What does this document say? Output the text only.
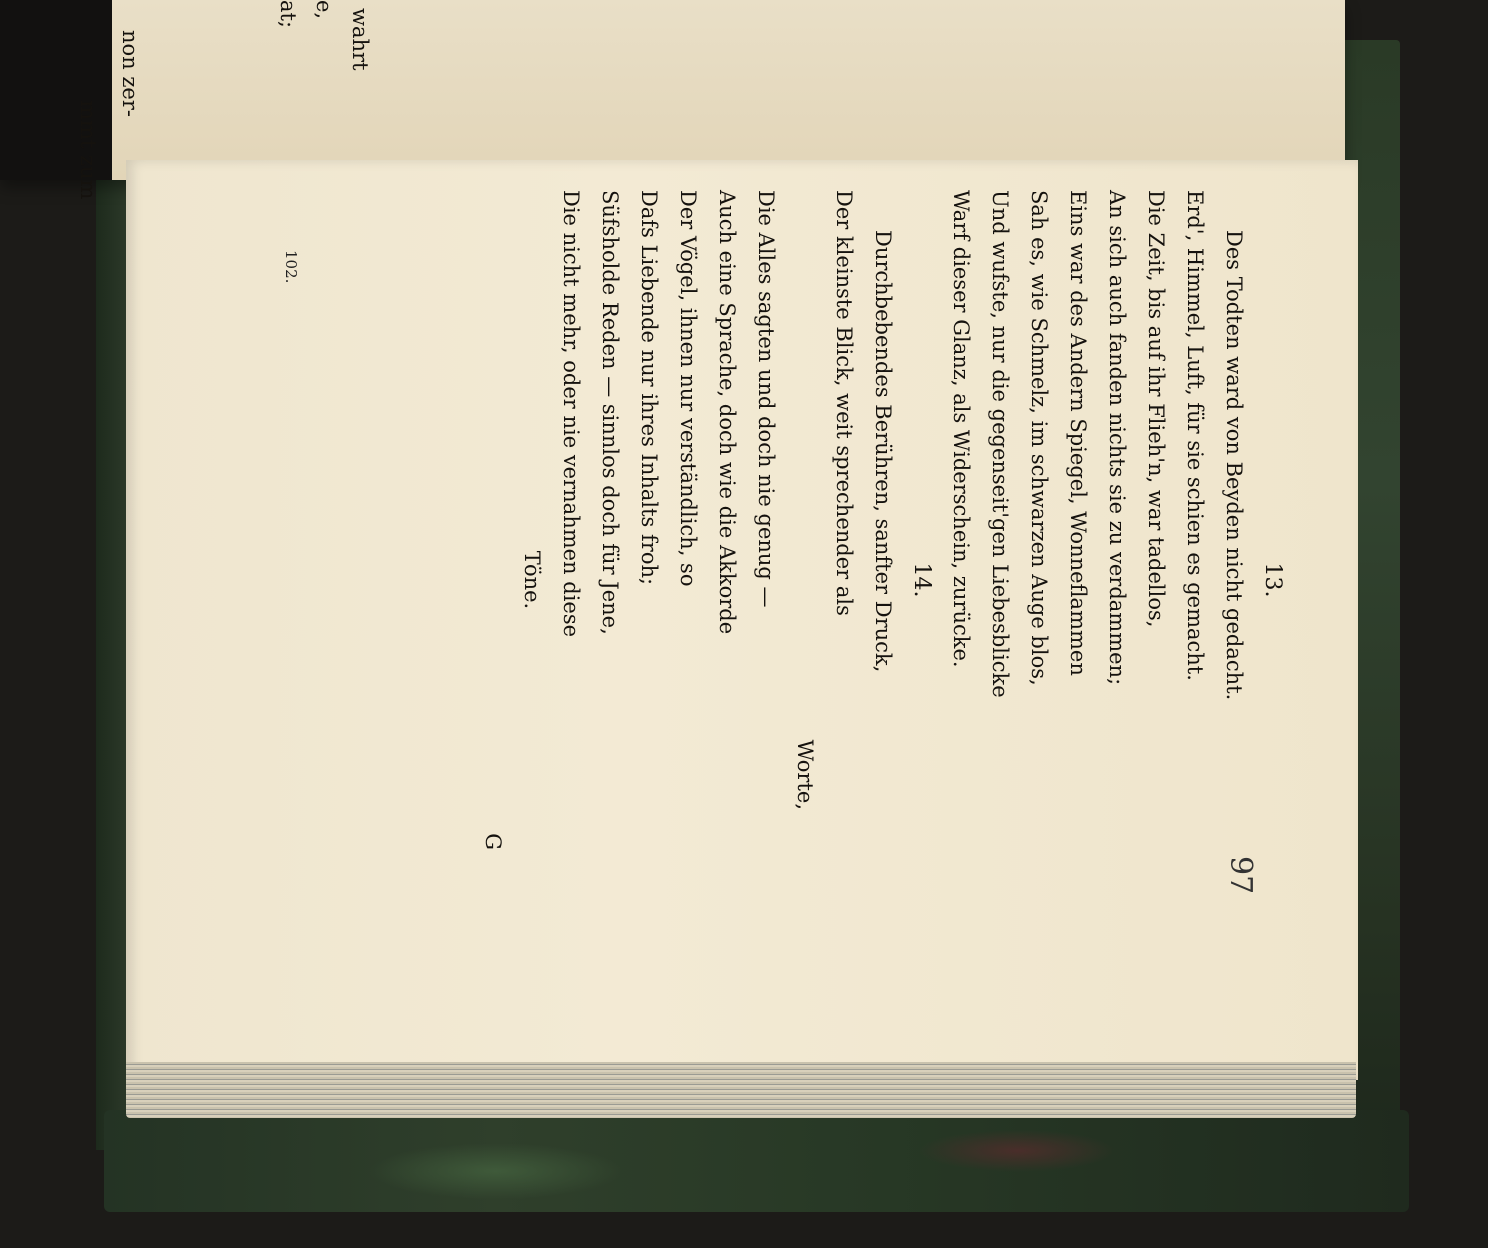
non zer-
mmt zum
wahrt
e,
at;
97
13.
Des Todten ward von Beyden nicht gedacht.
Erd', Himmel, Luft, für sie schien es gemacht.
Die Zeit, bis auf ihr Flieh'n, war tadellos,
An sich auch fanden nichts sie zu verdammen;
Eins war des Andern Spiegel, Wonneflammen
Sah es, wie Schmelz, im schwarzen Auge blos,
Und wufste, nur die gegenseit'gen Liebesblicke
Warf dieser Glanz, als Widerschein, zurücke.
14.
Durchbebendes Berühren, sanfter Druck,
Der kleinste Blick, weit sprechender als
Worte,
Die Alles sagten und doch nie genug —
Auch eine Sprache, doch wie die Akkorde
Der Vögel, ihnen nur verständlich, so
Dafs Liebende nur ihres Inhalts froh;
Süfsholde Reden — sinnlos doch für Jene,
Die nicht mehr, oder nie vernahmen diese
Töne.
G
102.
